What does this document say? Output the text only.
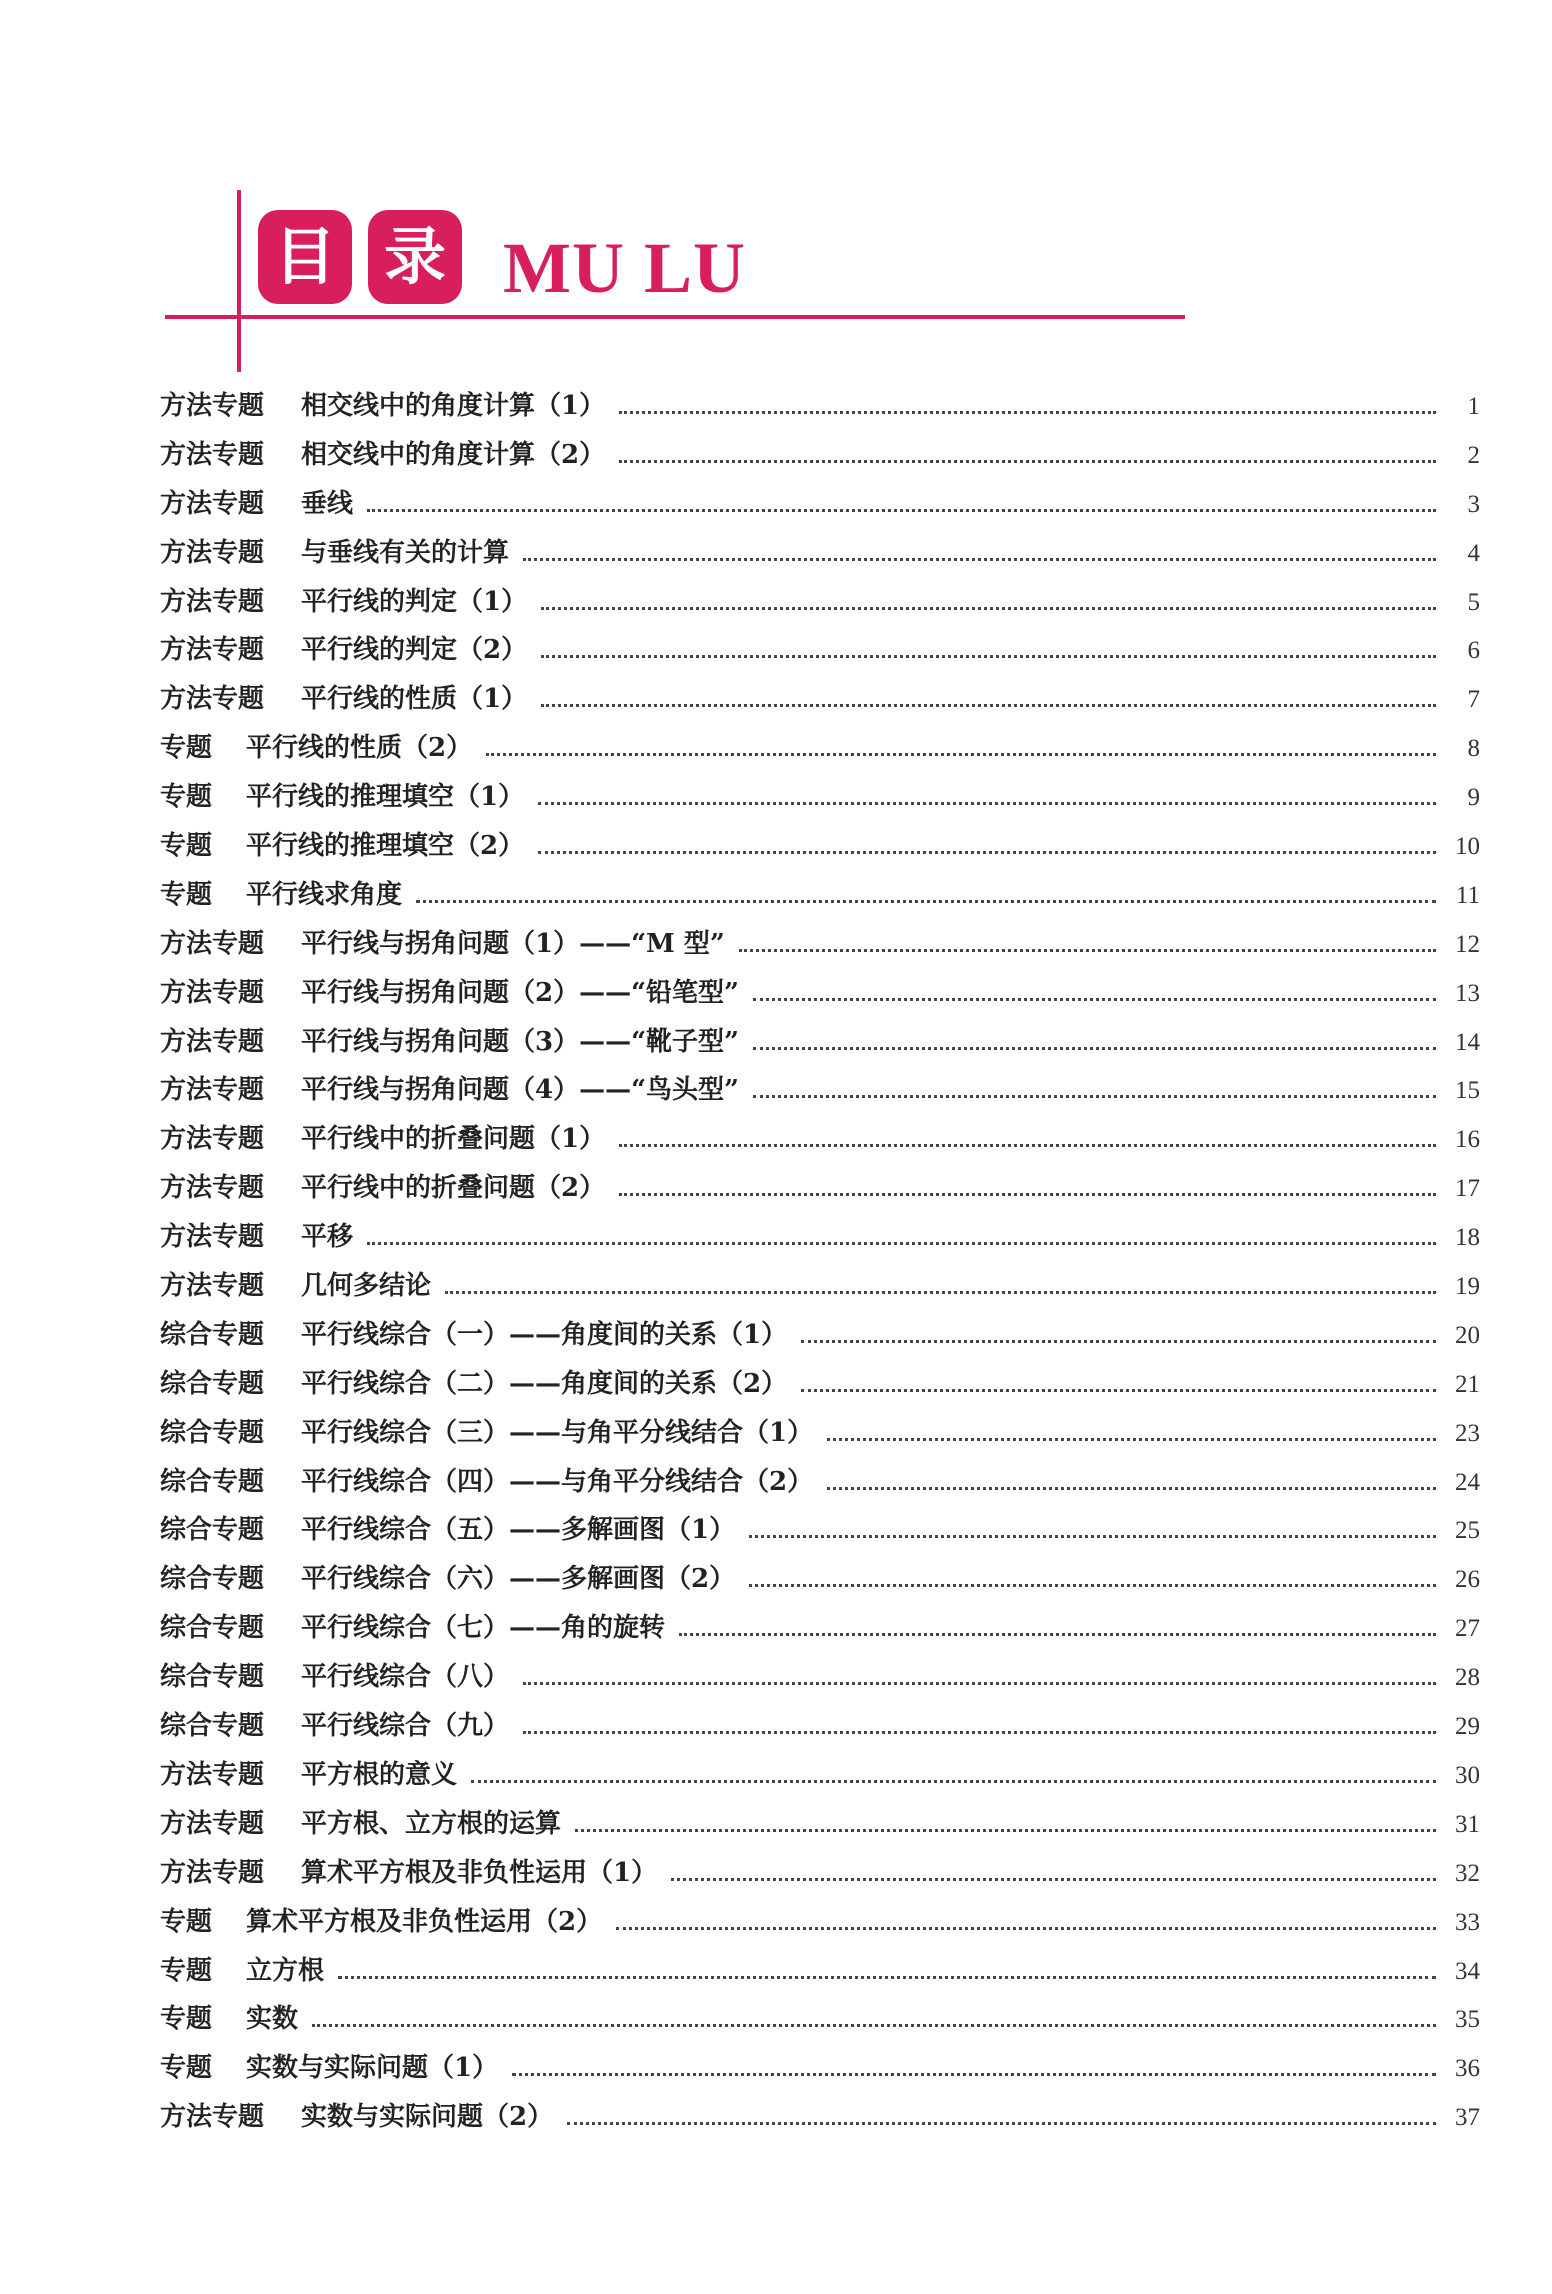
目 录 MU LU
方法专题	相交线中的角度计算（1）	1
方法专题	相交线中的角度计算（2）	2
方法专题	垂线	3
方法专题	与垂线有关的计算	4
方法专题	平行线的判定（1）	5
方法专题	平行线的判定（2）	6
方法专题	平行线的性质（1）	7
专题	平行线的性质（2）	8
专题	平行线的推理填空（1）	9
专题	平行线的推理填空（2）	10
专题	平行线求角度	11
方法专题	平行线与拐角问题（1）——“M 型”	12
方法专题	平行线与拐角问题（2）——“铅笔型”	13
方法专题	平行线与拐角问题（3）——“靴子型”	14
方法专题	平行线与拐角问题（4）——“鸟头型”	15
方法专题	平行线中的折叠问题（1）	16
方法专题	平行线中的折叠问题（2）	17
方法专题	平移	18
方法专题	几何多结论	19
综合专题	平行线综合（一）——角度间的关系（1）	20
综合专题	平行线综合（二）——角度间的关系（2）	21
综合专题	平行线综合（三）——与角平分线结合（1）	23
综合专题	平行线综合（四）——与角平分线结合（2）	24
综合专题	平行线综合（五）——多解画图（1）	25
综合专题	平行线综合（六）——多解画图（2）	26
综合专题	平行线综合（七）——角的旋转	27
综合专题	平行线综合（八）	28
综合专题	平行线综合（九）	29
方法专题	平方根的意义	30
方法专题	平方根、立方根的运算	31
方法专题	算术平方根及非负性运用（1）	32
专题	算术平方根及非负性运用（2）	33
专题	立方根	34
专题	实数	35
专题	实数与实际问题（1）	36
方法专题	实数与实际问题（2）	37
